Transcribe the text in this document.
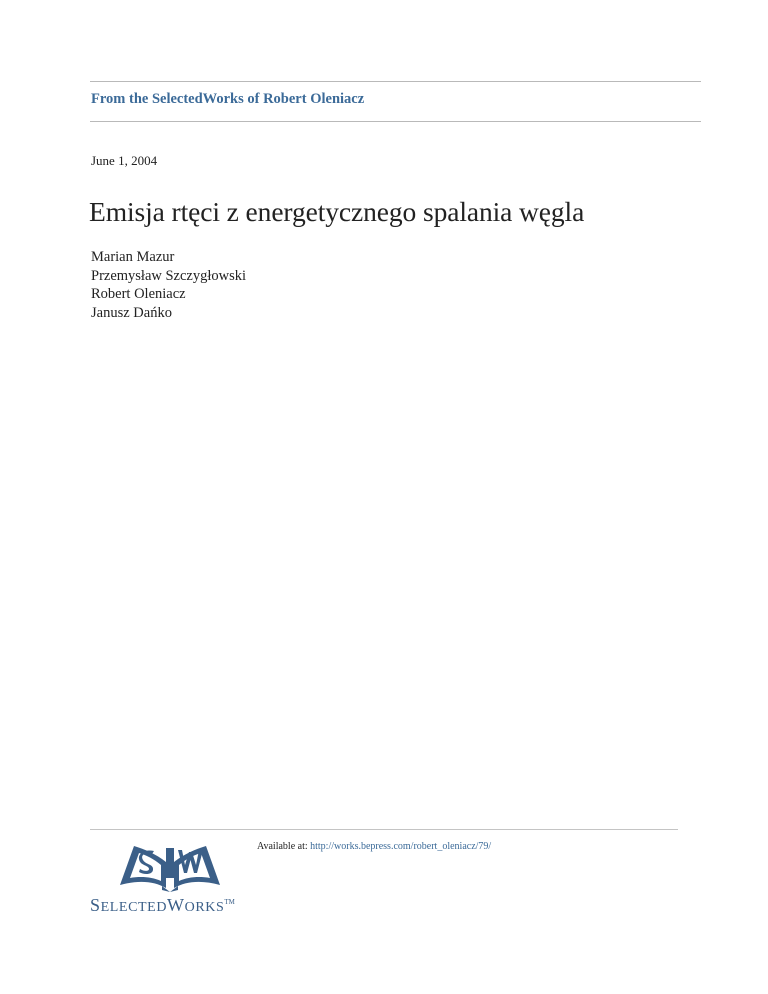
From the SelectedWorks of Robert Oleniacz
June 1, 2004
Emisja rtęci z energetycznego spalania węgla
Marian Mazur
Przemysław Szczygłowski
Robert Oleniacz
Janusz Dańko
Available at: http://works.bepress.com/robert_oleniacz/79/
SELECTEDWORKS™
